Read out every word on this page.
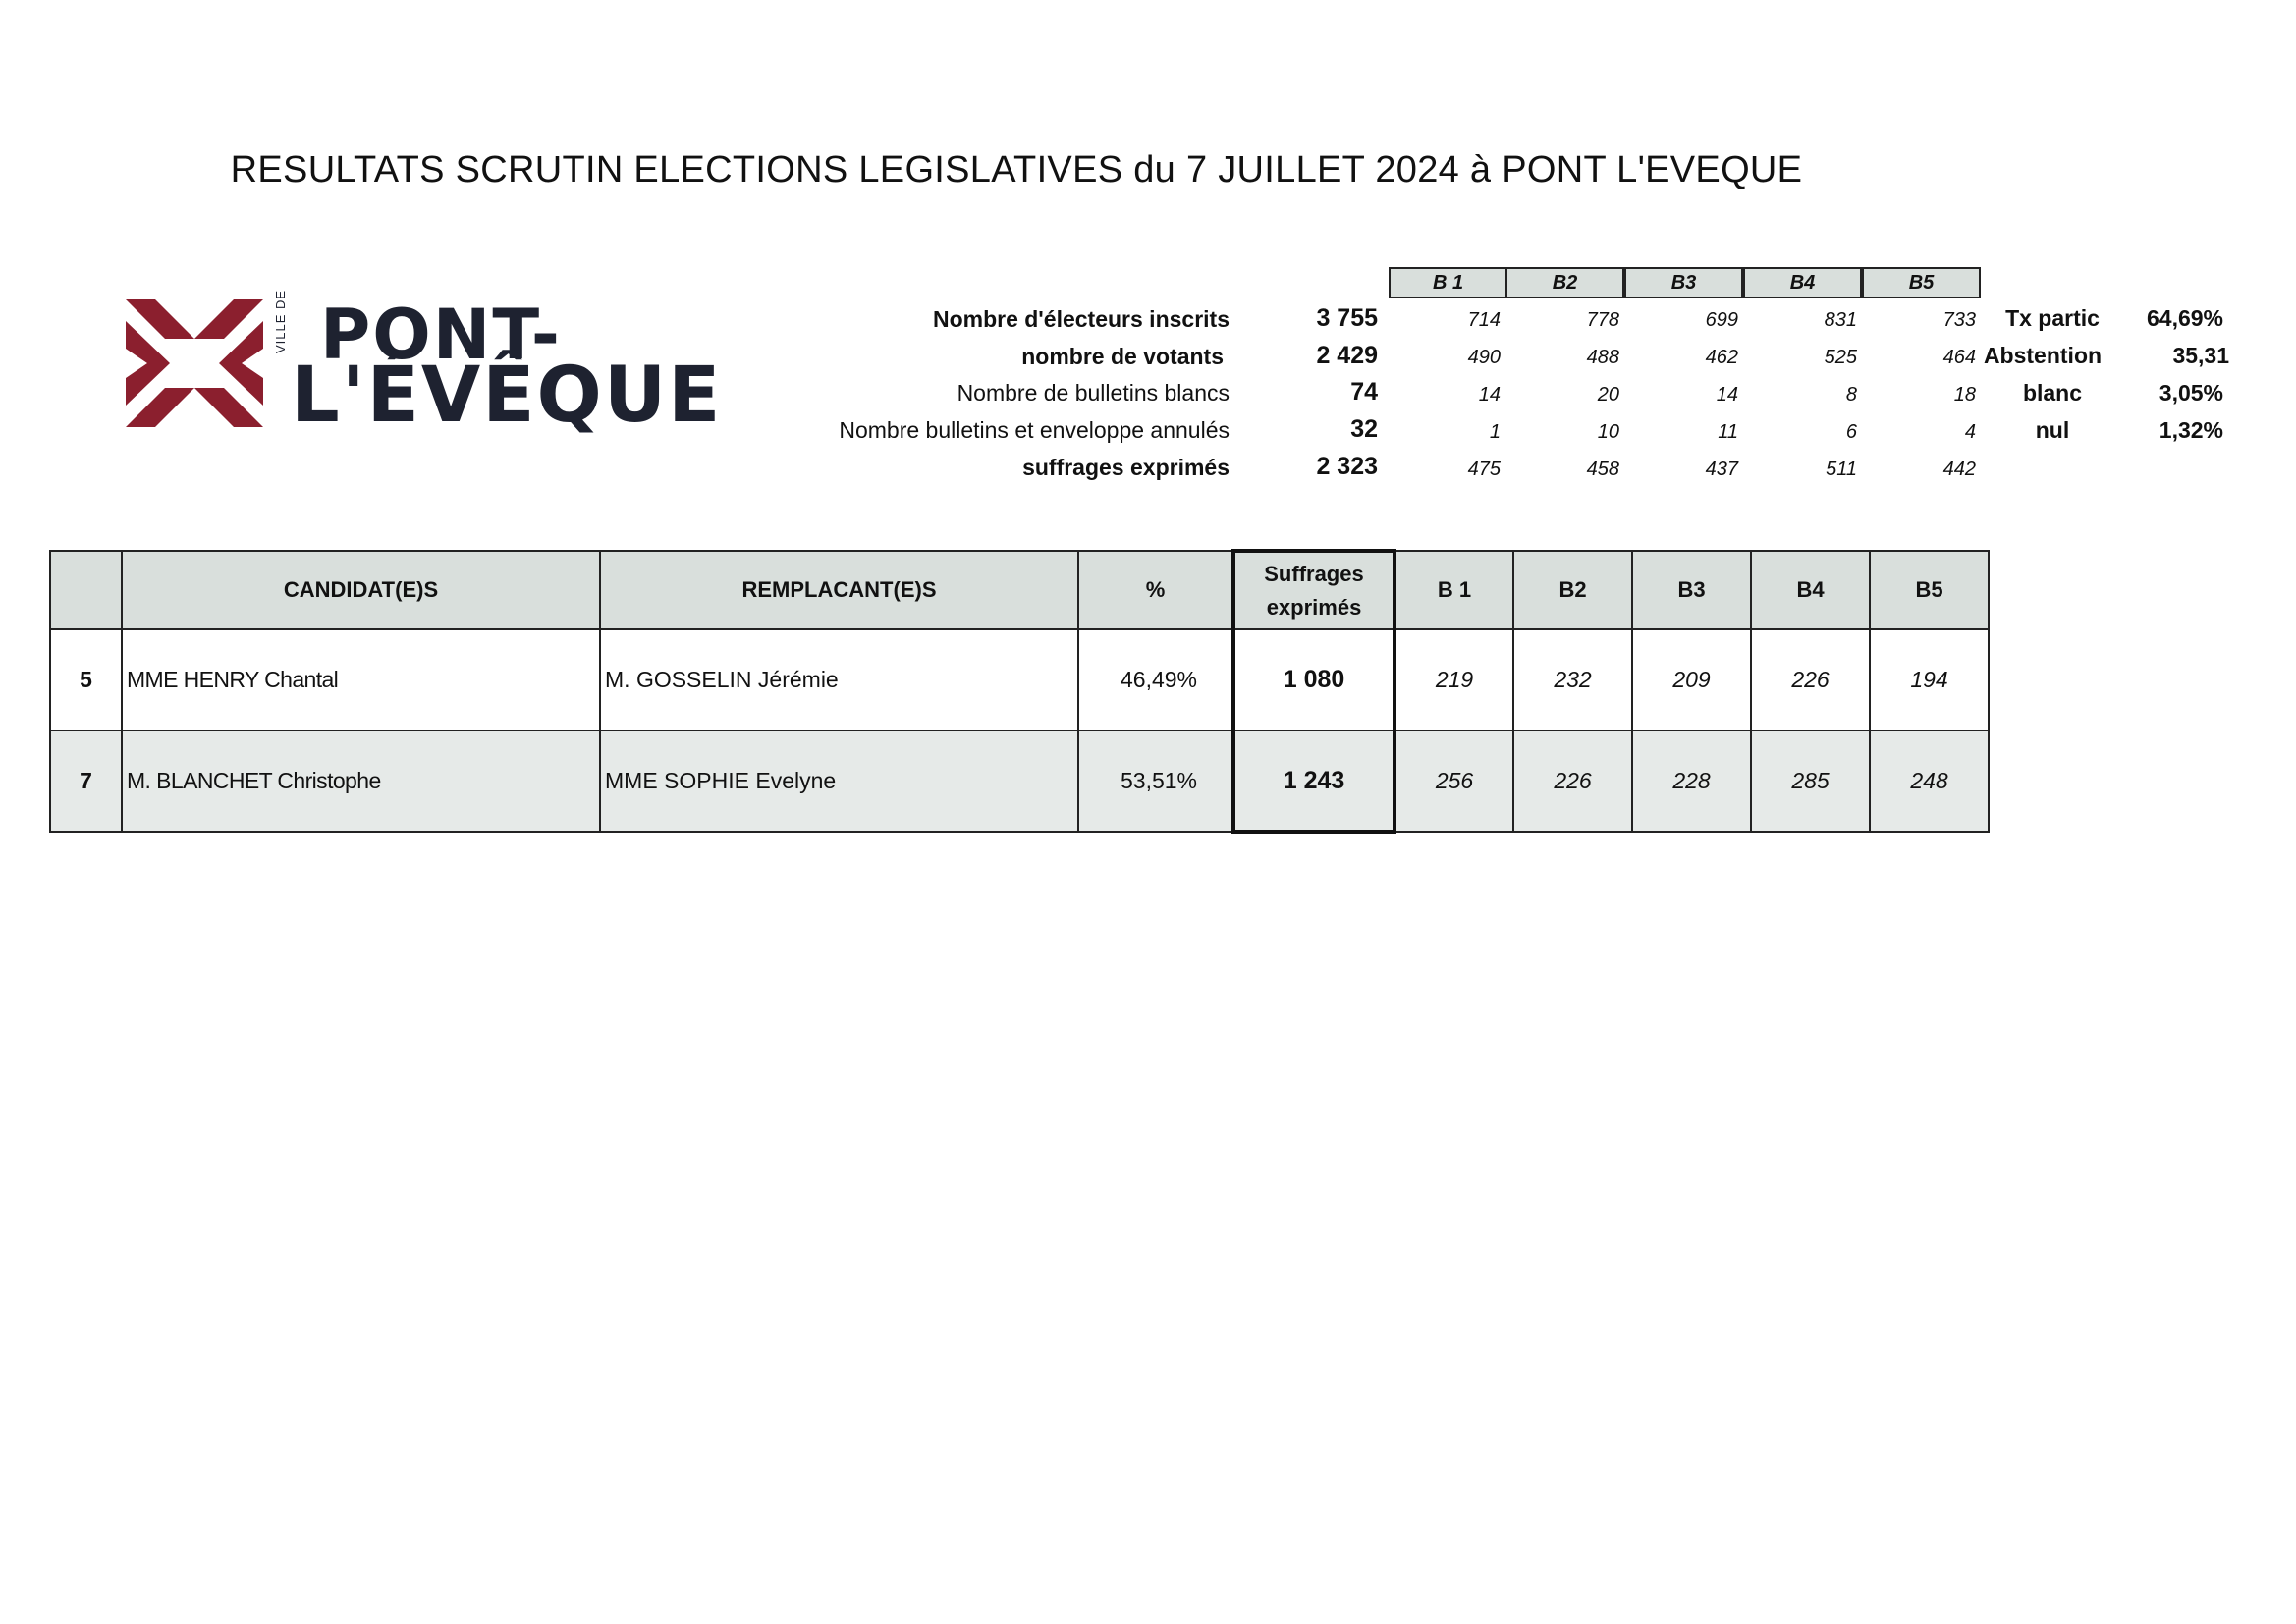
RESULTATS SCRUTIN ELECTIONS LEGISLATIVES du 7 JUILLET 2024 à PONT L'EVEQUE
VILLE DE PONT-
L'ÉVÊQUE
B 1	B2	B3	B4	B5
Nombre d'électeurs inscrits	3 755	714	778	699	831	733	Tx partic	64,69%
nombre de votants	2 429	490	488	462	525	464 Abstention	35,31
Nombre de bulletins blancs	74	14	20	14	8	18	blanc	3,05%
Nombre bulletins et enveloppe annulés	32	1	10	11	6	4	nul	1,32%
suffrages exprimés	2 323	475	458	437	511	442
	CANDIDAT(E)S	REMPLACANT(E)S	%	Suffrages
exprimés	B 1	B2	B3	B4	B5
5	MME HENRY Chantal	M. GOSSELIN Jérémie	46,49%	1 080	219	232	209	226	194
7	M. BLANCHET Christophe	MME SOPHIE Evelyne	53,51%	1 243	256	226	228	285	248
